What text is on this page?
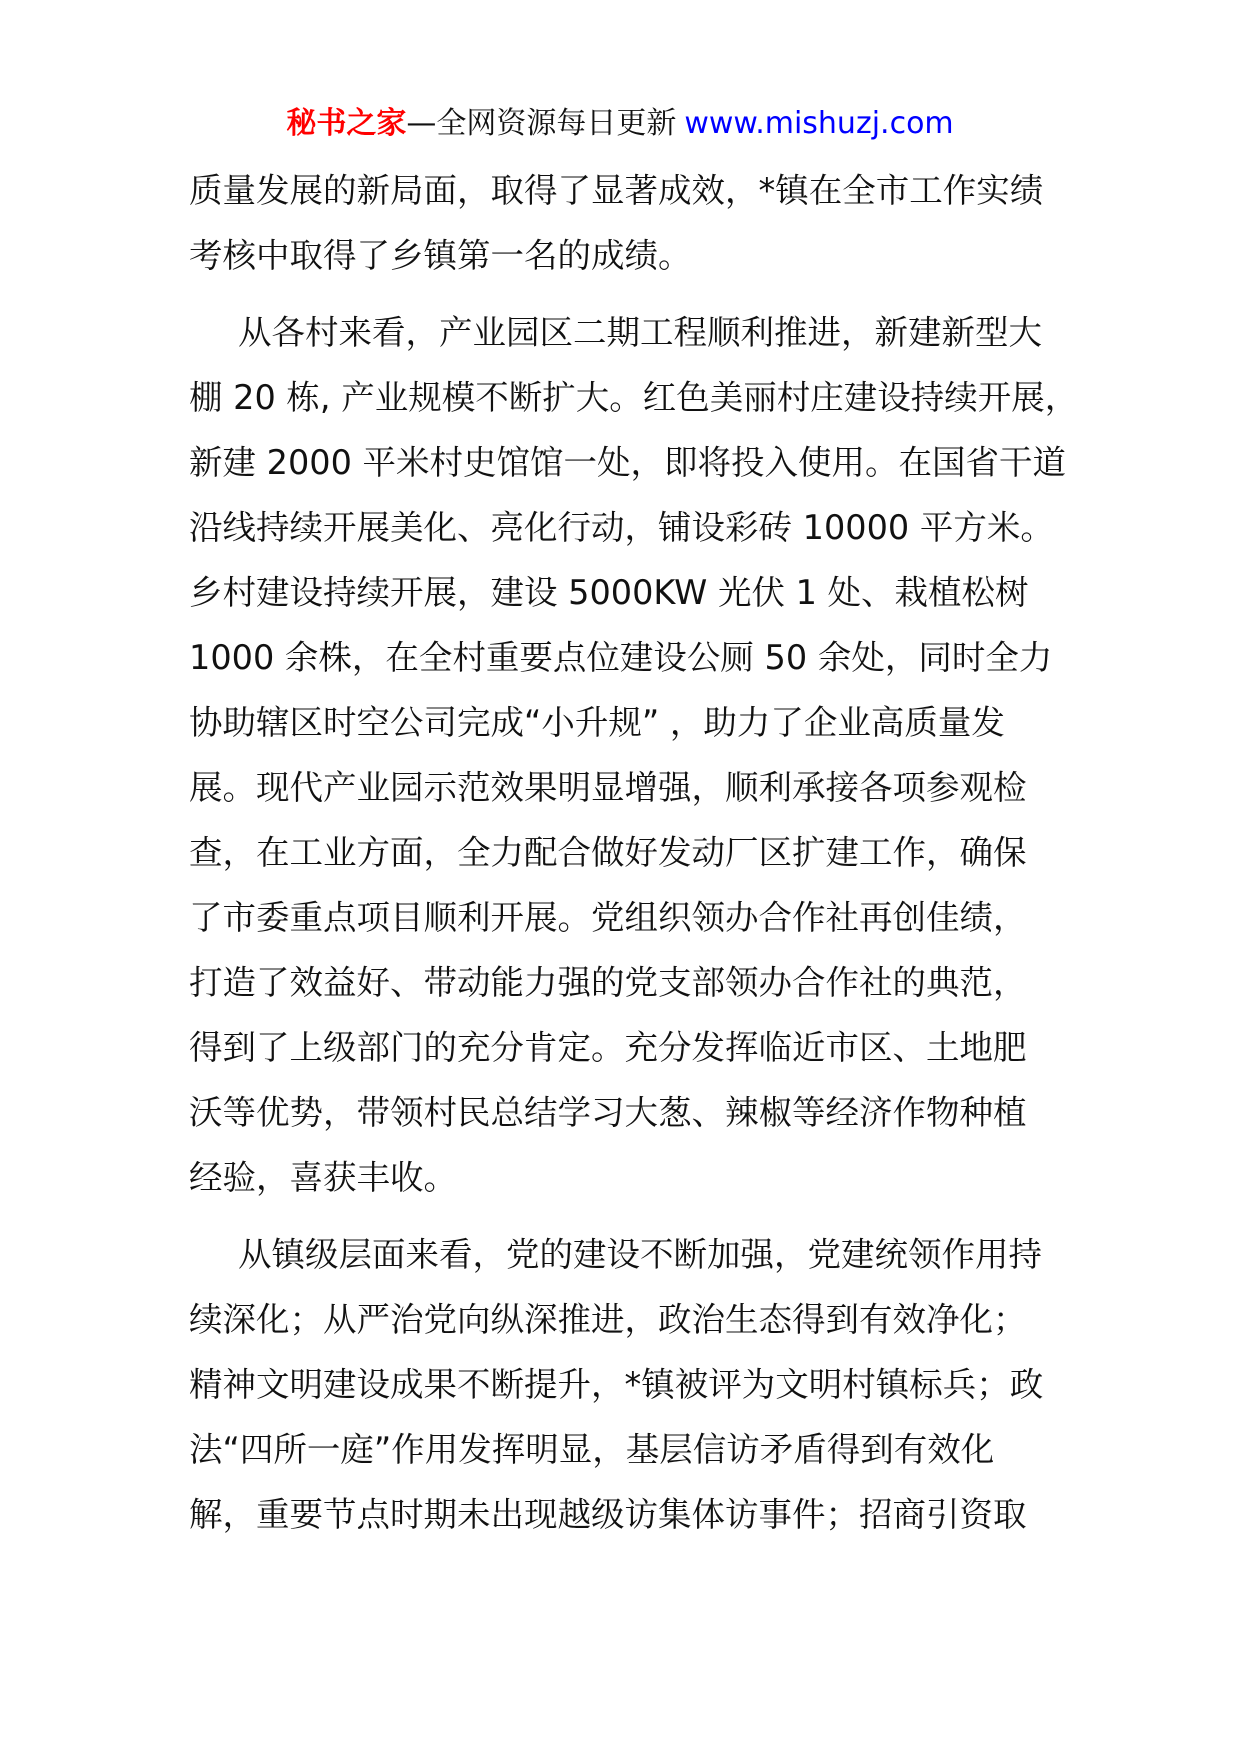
秘书之家—全网资源每日更新 www.mishuzj.com
质量发展的新局面，取得了显著成效，*镇在全市工作实绩
考核中取得了乡镇第一名的成绩。
从各村来看，产业园区二期工程顺利推进，新建新型大
棚 20 栋, 产业规模不断扩大。红色美丽村庄建设持续开展，
新建 2000 平米村史馆馆一处，即将投入使用。在国省干道
沿线持续开展美化、亮化行动，铺设彩砖 10000 平方米。
乡村建设持续开展，建设 5000KW 光伏 1 处、栽植松树
1000 余株，在全村重要点位建设公厕 50 余处，同时全力
协助辖区时空公司完成“小升规” ，助力了企业高质量发
展。现代产业园示范效果明显增强，顺利承接各项参观检
查，在工业方面，全力配合做好发动厂区扩建工作，确保
了市委重点项目顺利开展。党组织领办合作社再创佳绩，
打造了效益好、带动能力强的党支部领办合作社的典范，
得到了上级部门的充分肯定。充分发挥临近市区、土地肥
沃等优势，带领村民总结学习大葱、辣椒等经济作物种植
经验，喜获丰收。
从镇级层面来看，党的建设不断加强，党建统领作用持
续深化；从严治党向纵深推进，政治生态得到有效净化；
精神文明建设成果不断提升，*镇被评为文明村镇标兵；政
法“四所一庭”作用发挥明显，基层信访矛盾得到有效化
解，重要节点时期未出现越级访集体访事件；招商引资取
